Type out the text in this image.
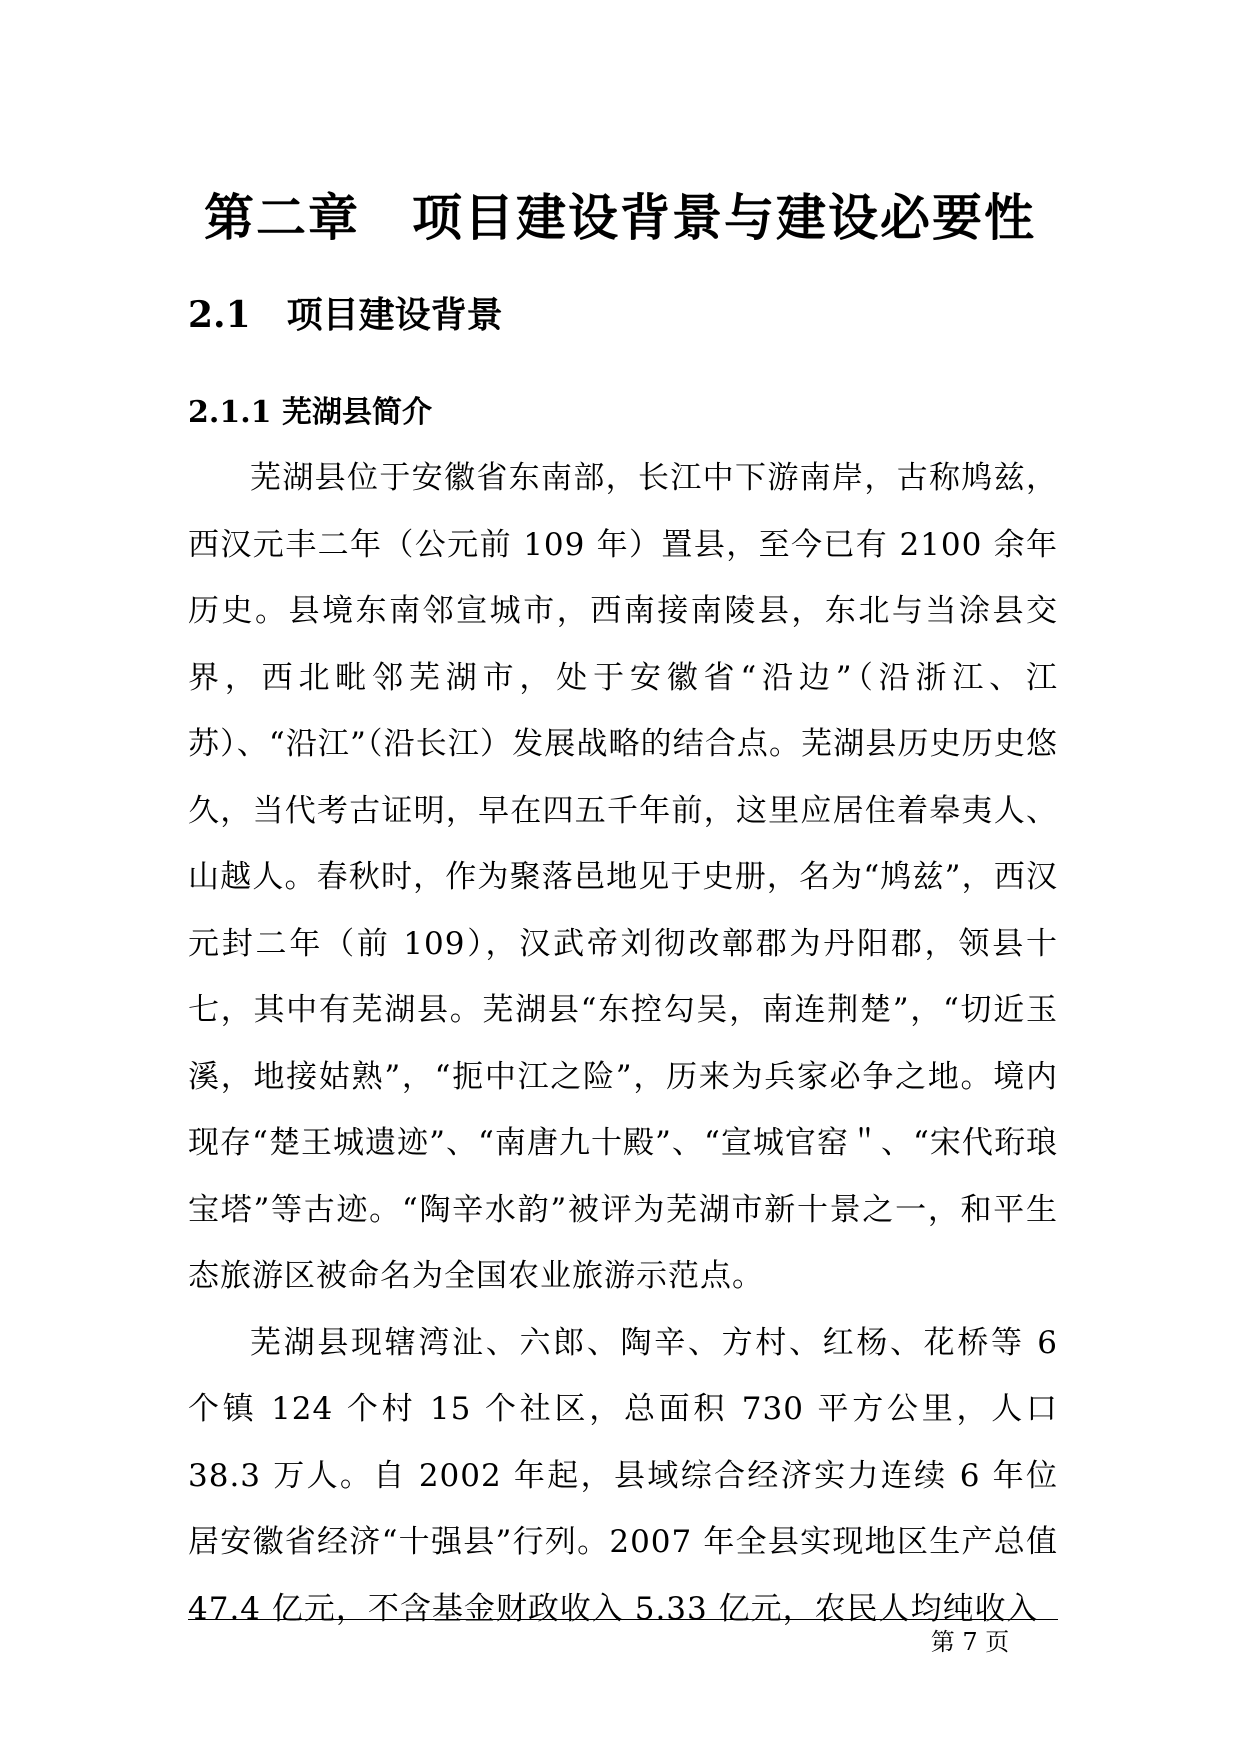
第二章　项目建设背景与建设必要性
2.1　项目建设背景
2.1.1 芜湖县简介

芜湖县位于安徽省东南部，长江中下游南岸，古称鸠兹，西汉元丰二年（公元前 109 年）置县，至今已有 2100 余年历史。县境东南邻宣城市，西南接南陵县，东北与当涂县交界，西北毗邻芜湖市，处于安徽省“沿边”（沿浙江、江苏）、“沿江”（沿长江）发展战略的结合点。芜湖县历史历史悠久，当代考古证明，早在四五千年前，这里应居住着皋夷人、山越人。春秋时，作为聚落邑地见于史册，名为“鸠兹”，西汉元封二年（前 109），汉武帝刘彻改鄣郡为丹阳郡，领县十七，其中有芜湖县。芜湖县“东控勾吴，南连荆楚”，“切近玉溪，地接姑熟”，“扼中江之险”，历来为兵家必争之地。境内现存“楚王城遗迹”、“南唐九十殿”、“宣城官窑＂、“宋代珩琅宝塔”等古迹。“陶辛水韵”被评为芜湖市新十景之一，和平生态旅游区被命名为全国农业旅游示范点。

芜湖县现辖湾沚、六郎、陶辛、方村、红杨、花桥等 6 个镇 124 个村 15 个社区，总面积 730 平方公里，人口 38.3 万人。自 2002 年起，县域综合经济实力连续 6 年位居安徽省经济“十强县”行列。2007 年全县实现地区生产总值 47.4 亿元，不含基金财政收入 5.33 亿元，农民人均纯收入

第 7 页
